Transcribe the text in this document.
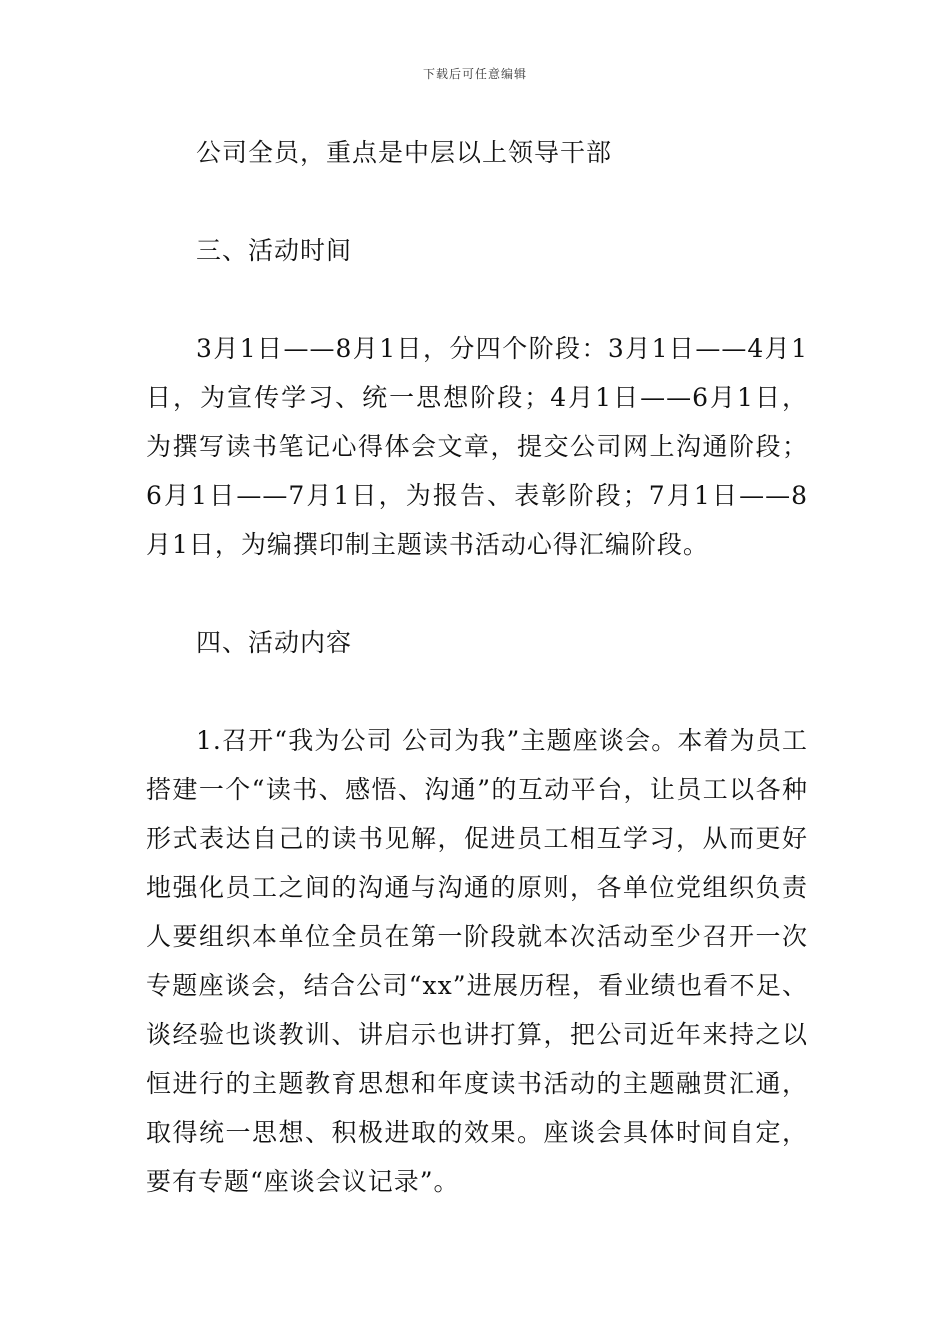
下载后可任意编辑

公司全员，重点是中层以上领导干部

三、活动时间

3月1日——8月1日，分四个阶段：3月1日——4月1日，为宣传学习、统一思想阶段；4月1日——6月1日，为撰写读书笔记心得体会文章，提交公司网上沟通阶段；6月1日——7月1日，为报告、表彰阶段；7月1日——8月1日，为编撰印制主题读书活动心得汇编阶段。

四、活动内容

1.召开“我为公司 公司为我”主题座谈会。本着为员工搭建一个“读书、感悟、沟通”的互动平台，让员工以各种形式表达自己的读书见解，促进员工相互学习，从而更好地强化员工之间的沟通与沟通的原则，各单位党组织负责人要组织本单位全员在第一阶段就本次活动至少召开一次专题座谈会，结合公司“xx”进展历程，看业绩也看不足、谈经验也谈教训、讲启示也讲打算，把公司近年来持之以恒进行的主题教育思想和年度读书活动的主题融贯汇通，取得统一思想、积极进取的效果。座谈会具体时间自定，要有专题“座谈会议记录”。
